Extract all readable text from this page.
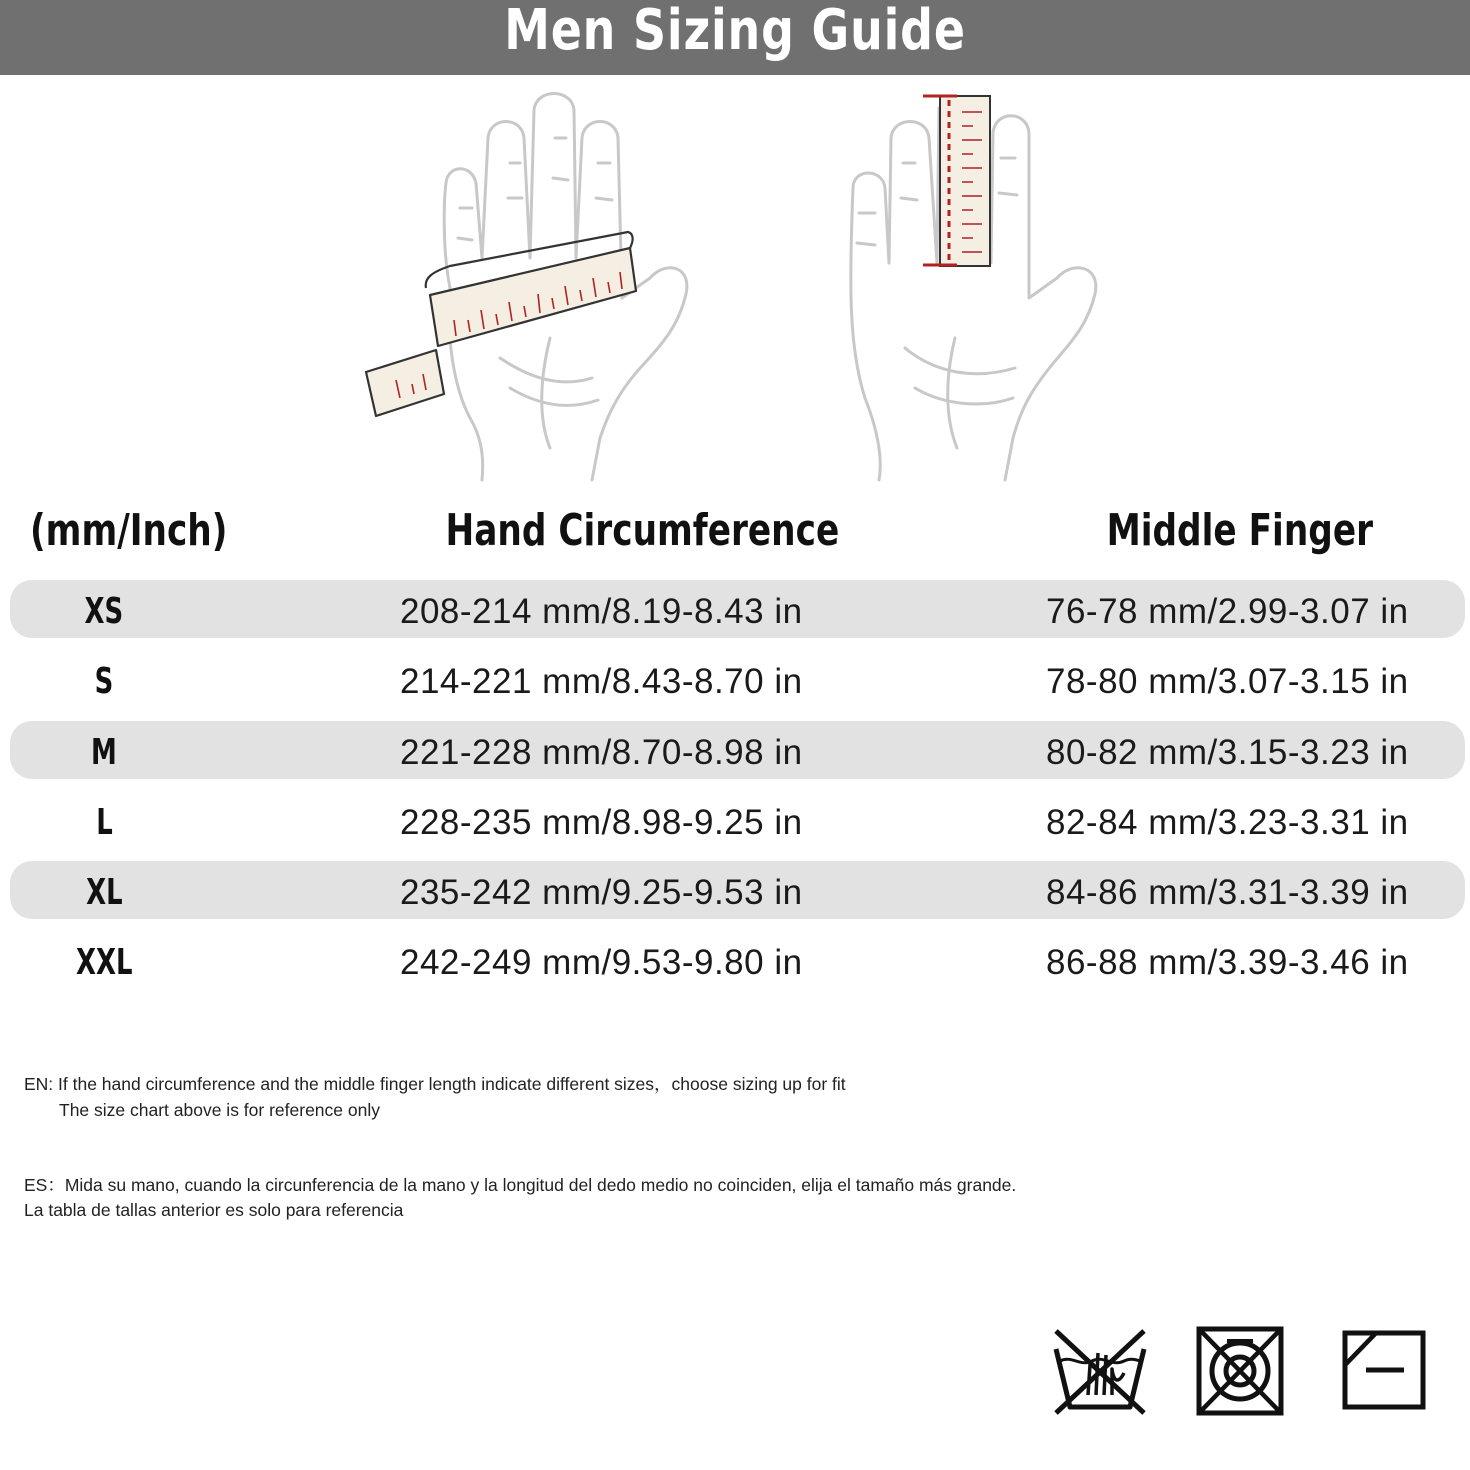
Men Sizing Guide
(mm/Inch)	Hand Circumference	Middle Finger
XS	208-214 mm/8.19-8.43 in	76-78 mm/2.99-3.07 in
S	214-221 mm/8.43-8.70 in	78-80 mm/3.07-3.15 in
M	221-228 mm/8.70-8.98 in	80-82 mm/3.15-3.23 in
L	228-235 mm/8.98-9.25 in	82-84 mm/3.23-3.31 in
XL	235-242 mm/9.25-9.53 in	84-86 mm/3.31-3.39 in
XXL	242-249 mm/9.53-9.80 in	86-88 mm/3.39-3.46 in
EN: If the hand circumference and the middle finger length indicate different sizes，choose sizing up for fit
The size chart above is for reference only
ES：Mida su mano, cuando la circunferencia de la mano y la longitud del dedo medio no coinciden, elija el tamaño más grande.
La tabla de tallas anterior es solo para referencia
